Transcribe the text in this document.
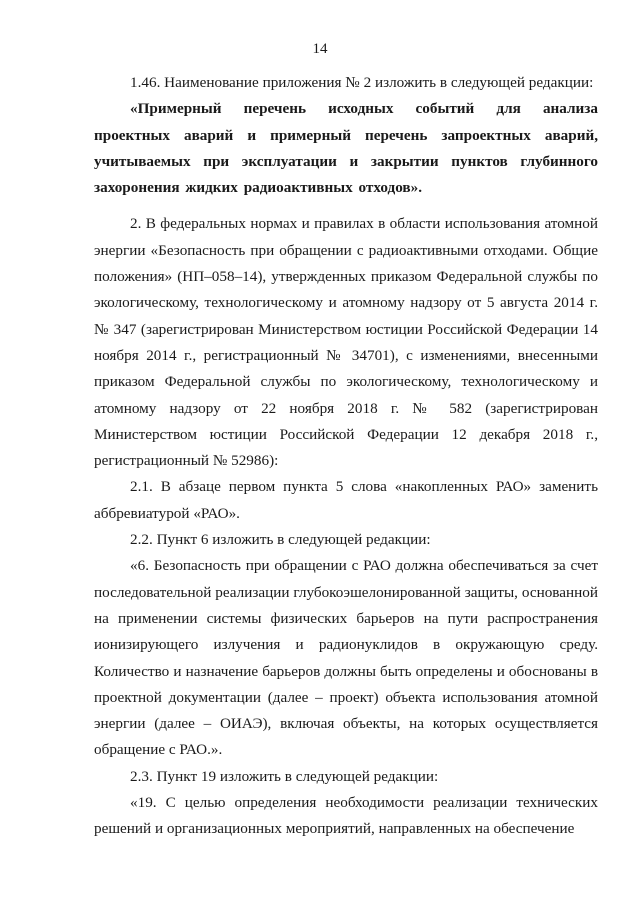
14

1.46. Наименование приложения № 2 изложить в следующей редакции:

«Примерный перечень исходных событий для анализа проектных аварий и примерный перечень запроектных аварий, учитываемых при эксплуатации и закрытии пунктов глубинного захоронения жидких радиоактивных отходов».

2. В федеральных нормах и правилах в области использования атомной энергии «Безопасность при обращении с радиоактивными отходами. Общие положения» (НП–058–14), утвержденных приказом Федеральной службы по экологическому, технологическому и атомному надзору от 5 августа 2014 г. № 347 (зарегистрирован Министерством юстиции Российской Федерации 14 ноября 2014 г., регистрационный № 34701), с изменениями, внесенными приказом Федеральной службы по экологическому, технологическому и атомному надзору от 22 ноября 2018 г. № 582 (зарегистрирован Министерством юстиции Российской Федерации 12 декабря 2018 г., регистрационный № 52986):

2.1. В абзаце первом пункта 5 слова «накопленных РАО» заменить аббревиатурой «РАО».

2.2. Пункт 6 изложить в следующей редакции:

«6. Безопасность при обращении с РАО должна обеспечиваться за счет последовательной реализации глубокоэшелонированной защиты, основанной на применении системы физических барьеров на пути распространения ионизирующего излучения и радионуклидов в окружающую среду. Количество и назначение барьеров должны быть определены и обоснованы в проектной документации (далее – проект) объекта использования атомной энергии (далее – ОИАЭ), включая объекты, на которых осуществляется обращение с РАО.».

2.3. Пункт 19 изложить в следующей редакции:

«19. С целью определения необходимости реализации технических решений и организационных мероприятий, направленных на обеспечение
